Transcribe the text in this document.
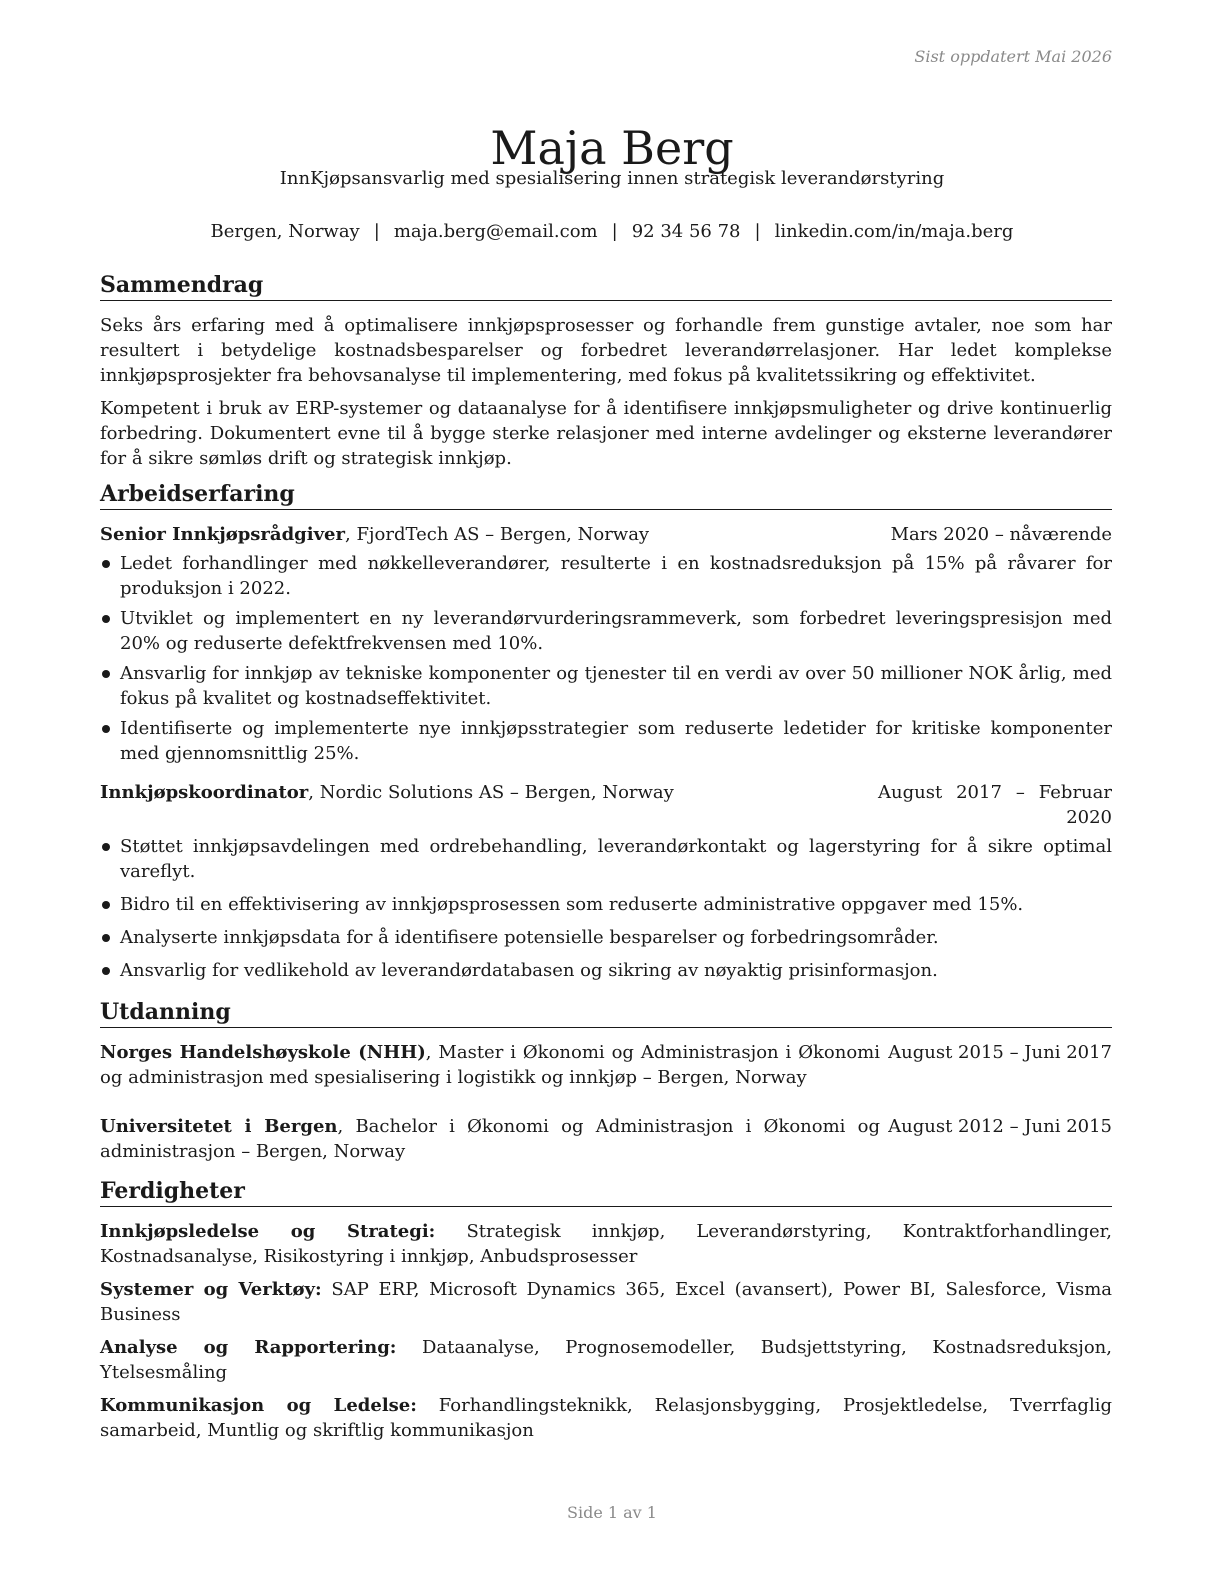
Sist oppdatert Mai 2026
Maja Berg
InnKjøpsansvarlig med spesialisering innen strategisk leverandørstyring
Bergen, Norway | maja.berg@email.com | 92 34 56 78 | linkedin.com/in/maja.berg
Sammendrag

Seks års erfaring med å optimalisere innkjøpsprosesser og forhandle frem gunstige avtaler, noe som har resultert i betydelige kostnadsbesparelser og forbedret leverandørrelasjoner. Har ledet komplekse innkjøpsprosjekter fra behovsanalyse til implementering, med fokus på kvalitetssikring og effektivitet.

Kompetent i bruk av ERP-systemer og dataanalyse for å identifisere innkjøpsmuligheter og drive kontinuerlig forbedring. Dokumentert evne til å bygge sterke relasjoner med interne avdelinger og eksterne leverandører for å sikre sømløs drift og strategisk innkjøp.

Arbeidserfaring
Senior Innkjøpsrådgiver, FjordTech AS – Bergen, Norway	Mars 2020 – nåværende
Ledet forhandlinger med nøkkelleverandører, resulterte i en kostnadsreduksjon på 15% på råvarer for produksjon i 2022.
Utviklet og implementert en ny leverandørvurderingsrammeverk, som forbedret leveringspresisjon med 20% og reduserte defektfrekvensen med 10%.
Ansvarlig for innkjøp av tekniske komponenter og tjenester til en verdi av over 50 millioner NOK årlig, med fokus på kvalitet og kostnadseffektivitet.
Identifiserte og implementerte nye innkjøpsstrategier som reduserte ledetider for kritiske komponenter med gjennomsnittlig 25%.
Innkjøpskoordinator, Nordic Solutions AS – Bergen, Norway	August 2017 – Februar 2020
Støttet innkjøpsavdelingen med ordrebehandling, leverandørkontakt og lagerstyring for å sikre optimal vareflyt.
Bidro til en effektivisering av innkjøpsprosessen som reduserte administrative oppgaver med 15%.
Analyserte innkjøpsdata for å identifisere potensielle besparelser og forbedringsområder.
Ansvarlig for vedlikehold av leverandørdatabasen og sikring av nøyaktig prisinformasjon.
Utdanning
Norges Handelshøyskole (NHH), Master i Økonomi og Administrasjon i Økonomi og administrasjon med spesialisering i logistikk og innkjøp – Bergen, Norway
August 2015 – Juni 2017
Universitetet i Bergen, Bachelor i Økonomi og Administrasjon i Økonomi og administrasjon – Bergen, Norway
August 2012 – Juni 2015
Ferdigheter
Innkjøpsledelse og Strategi: Strategisk innkjøp, Leverandørstyring, Kontraktforhandlinger, Kostnadsanalyse, Risikostyring i innkjøp, Anbudsprosesser
Systemer og Verktøy: SAP ERP, Microsoft Dynamics 365, Excel (avansert), Power BI, Salesforce, Visma Business
Analyse og Rapportering: Dataanalyse, Prognosemodeller, Budsjettstyring, Kostnadsreduksjon, Ytelsesmåling
Kommunikasjon og Ledelse: Forhandlingsteknikk, Relasjonsbygging, Prosjektledelse, Tverrfaglig samarbeid, Muntlig og skriftlig kommunikasjon
Side 1 av 1
